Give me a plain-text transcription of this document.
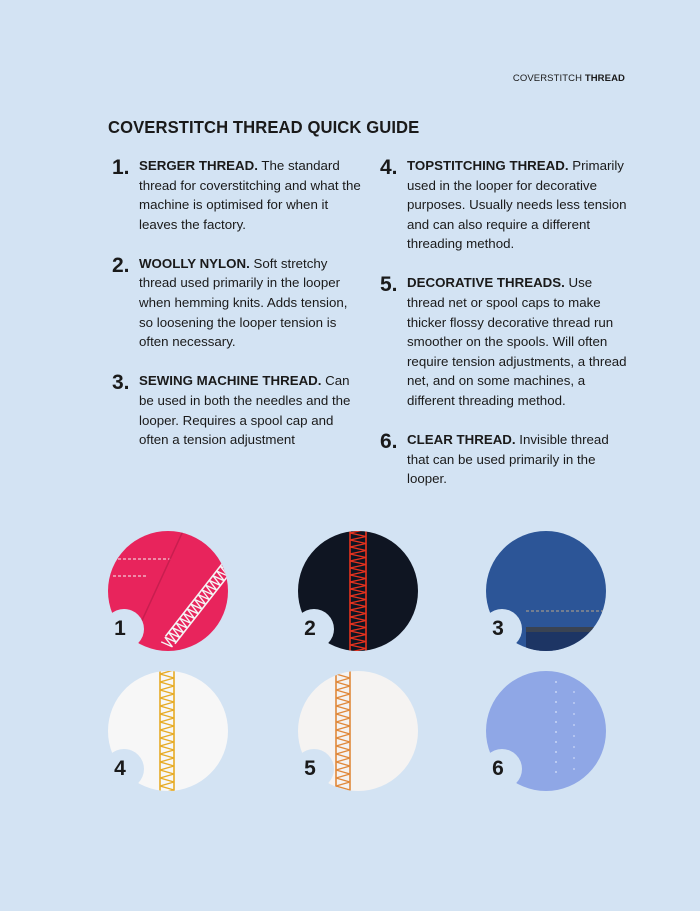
COVERSTITCH THREAD
COVERSTITCH THREAD QUICK GUIDE
1. SERGER THREAD. The standard thread for coverstitching and what the machine is optimised for when it leaves the factory.
2. WOOLLY NYLON. Soft stretchy thread used primarily in the looper when hemming knits. Adds tension, so loosening the looper tension is often necessary.
3. SEWING MACHINE THREAD. Can be used in both the needles and the looper. Requires a spool cap and often a tension adjustment
4. TOPSTITCHING THREAD. Primarily used in the looper for decorative purposes. Usually needs less tension and can also require a different threading method.
5. DECORATIVE THREADS. Use thread net or spool caps to make thicker flossy decorative thread run smoother on the spools. Will often require tension adjustments, a thread net, and on some machines, a different threading method.
6. CLEAR THREAD. Invisible thread that can be used primarily in the looper.
1	2	3
4	5	6
